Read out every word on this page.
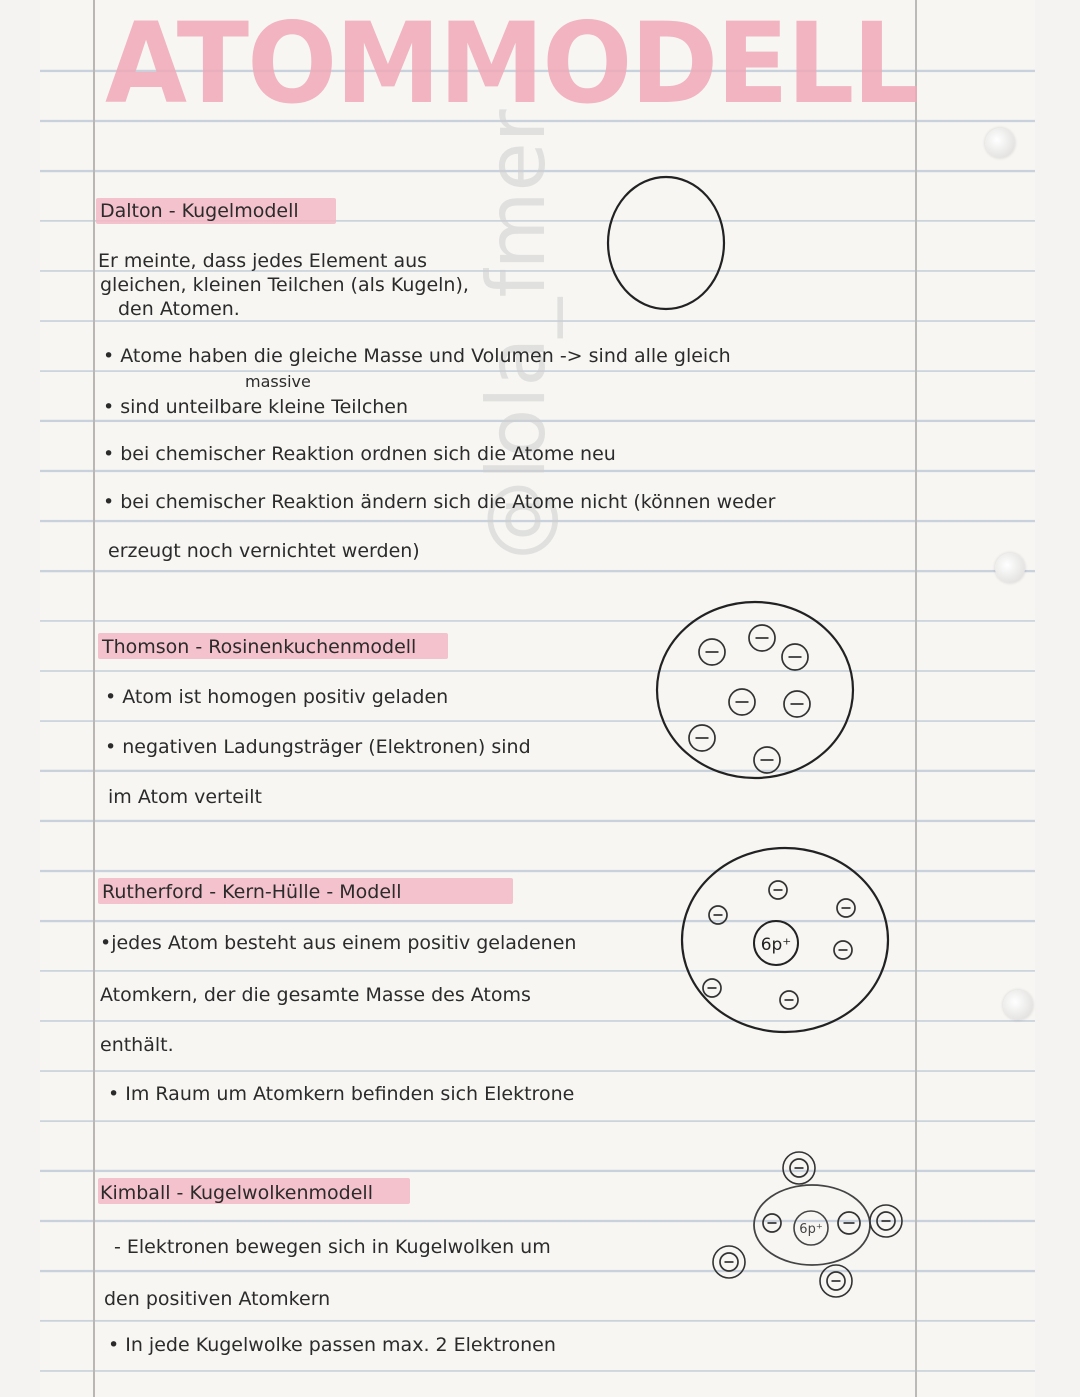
ATOMMODELL
@lola_fmer
Dalton - Kugelmodell
Er meinte, dass jedes Element aus
gleichen, kleinen Teilchen (als Kugeln),
den Atomen.
• Atome haben die gleiche Masse und Volumen -> sind alle gleich
massive
• sind unteilbare kleine Teilchen
• bei chemischer Reaktion ordnen sich die Atome neu
• bei chemischer Reaktion ändern sich die Atome nicht (können weder
erzeugt noch vernichtet werden)
Thomson - Rosinenkuchenmodell
• Atom ist homogen positiv geladen
• negativen Ladungsträger (Elektronen) sind
im Atom verteilt
Rutherford - Kern-Hülle - Modell
•jedes Atom besteht aus einem positiv geladenen
Atomkern, der die gesamte Masse des Atoms
enthält.
• Im Raum um Atomkern befinden sich Elektrone
Kimball - Kugelwolkenmodell
- Elektronen bewegen sich in Kugelwolken um
den positiven Atomkern
• In jede Kugelwolke passen max. 2 Elektronen
6p⁺
6p⁺
